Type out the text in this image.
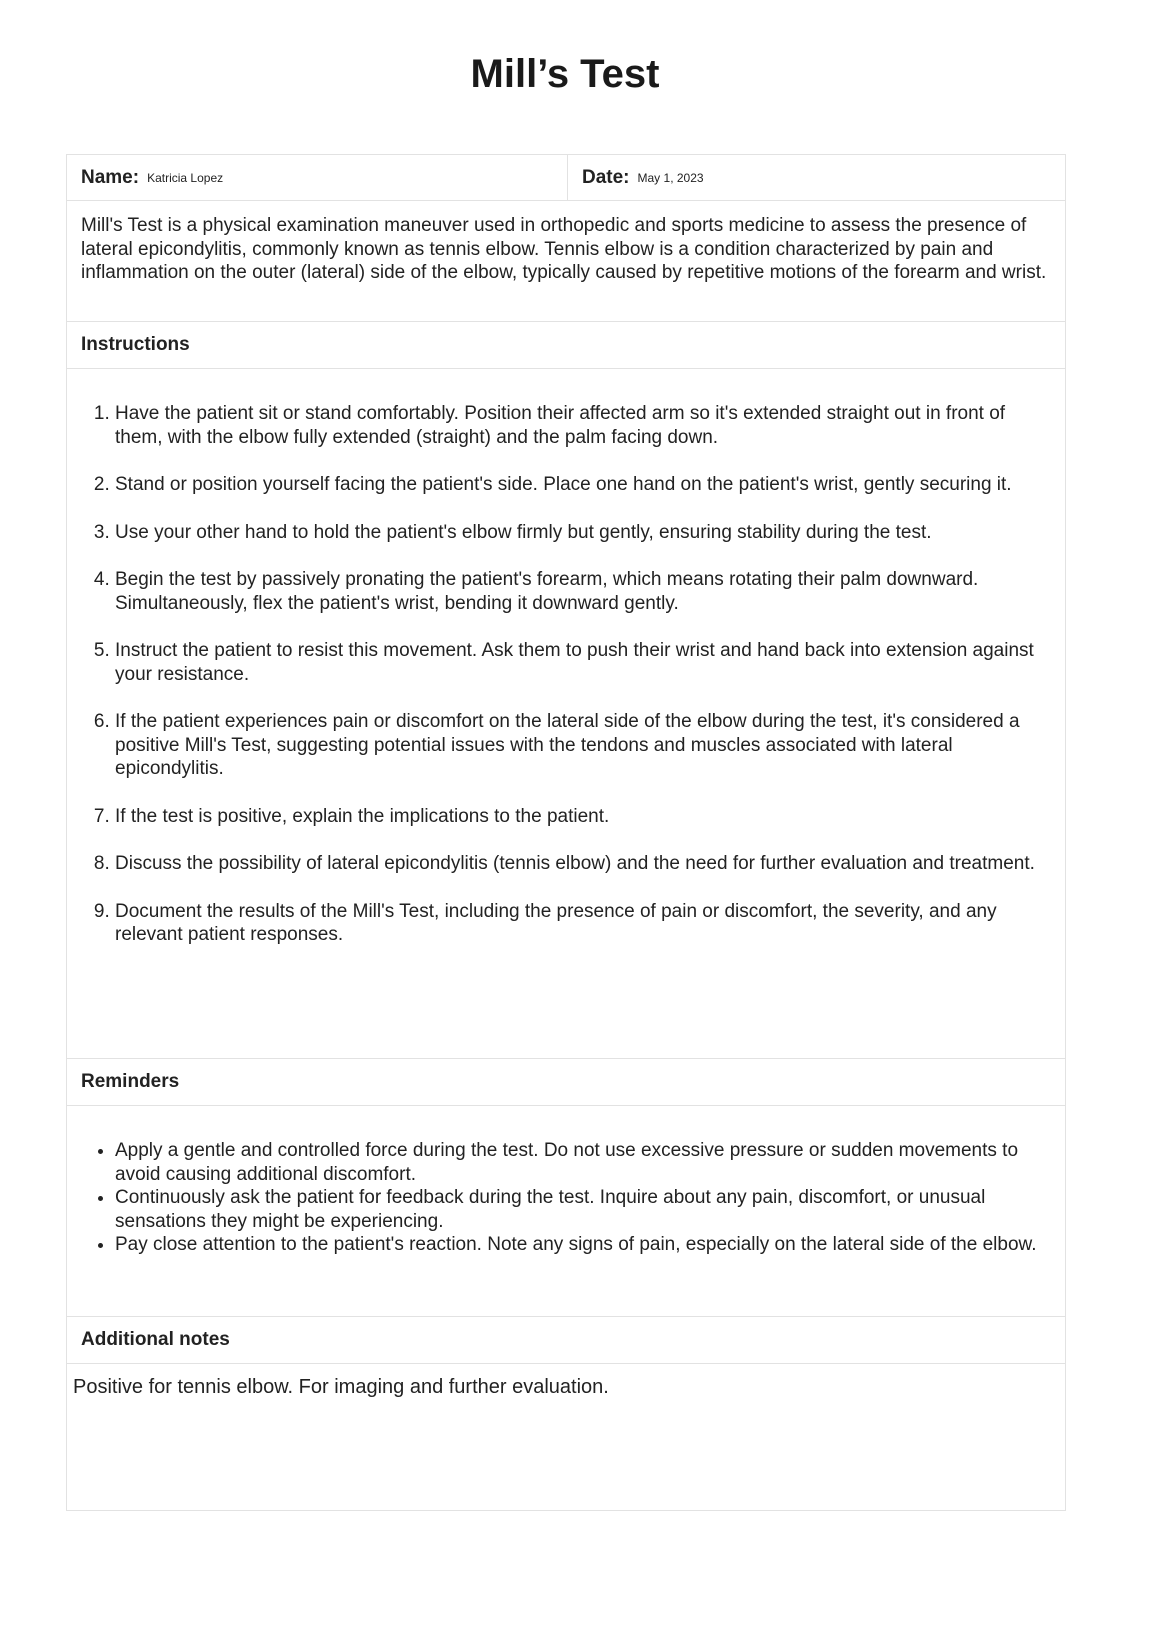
Mill’s Test
Name: Katricia Lopez	Date: May 1, 2023
Mill's Test is a physical examination maneuver used in orthopedic and sports medicine to assess the presence of lateral epicondylitis, commonly known as tennis elbow. Tennis elbow is a condition characterized by pain and inflammation on the outer (lateral) side of the elbow, typically caused by repetitive motions of the forearm and wrist.
Instructions
1. Have the patient sit or stand comfortably. Position their affected arm so it's extended straight out in front of them, with the elbow fully extended (straight) and the palm facing down.
2. Stand or position yourself facing the patient's side. Place one hand on the patient's wrist, gently securing it.
3. Use your other hand to hold the patient's elbow firmly but gently, ensuring stability during the test.
4. Begin the test by passively pronating the patient's forearm, which means rotating their palm downward. Simultaneously, flex the patient's wrist, bending it downward gently.
5. Instruct the patient to resist this movement. Ask them to push their wrist and hand back into extension against your resistance.
6. If the patient experiences pain or discomfort on the lateral side of the elbow during the test, it's considered a positive Mill's Test, suggesting potential issues with the tendons and muscles associated with lateral epicondylitis.
7. If the test is positive, explain the implications to the patient.
8. Discuss the possibility of lateral epicondylitis (tennis elbow) and the need for further evaluation and treatment.
9. Document the results of the Mill's Test, including the presence of pain or discomfort, the severity, and any relevant patient responses.
Reminders
• Apply a gentle and controlled force during the test. Do not use excessive pressure or sudden movements to avoid causing additional discomfort.
• Continuously ask the patient for feedback during the test. Inquire about any pain, discomfort, or unusual sensations they might be experiencing.
• Pay close attention to the patient's reaction. Note any signs of pain, especially on the lateral side of the elbow.
Additional notes
Positive for tennis elbow. For imaging and further evaluation.
